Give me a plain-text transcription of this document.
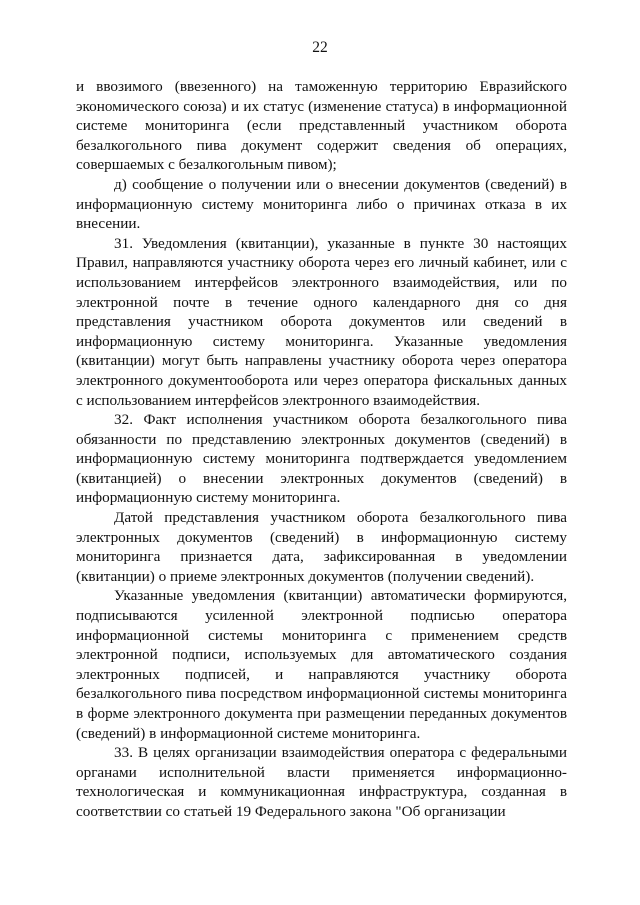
22

и ввозимого (ввезенного) на таможенную территорию Евразийского экономического союза) и их статус (изменение статуса) в информационной системе мониторинга (если представленный участником оборота безалкогольного пива документ содержит сведения об операциях, совершаемых с безалкогольным пивом);

д) сообщение о получении или о внесении документов (сведений) в информационную систему мониторинга либо о причинах отказа в их внесении.

31. Уведомления (квитанции), указанные в пункте 30 настоящих Правил, направляются участнику оборота через его личный кабинет, или с использованием интерфейсов электронного взаимодействия, или по электронной почте в течение одного календарного дня со дня представления участником оборота документов или сведений в информационную систему мониторинга. Указанные уведомления (квитанции) могут быть направлены участнику оборота через оператора электронного документооборота или через оператора фискальных данных с использованием интерфейсов электронного взаимодействия.

32. Факт исполнения участником оборота безалкогольного пива обязанности по представлению электронных документов (сведений) в информационную систему мониторинга подтверждается уведомлением (квитанцией) о внесении электронных документов (сведений) в информационную систему мониторинга.

Датой представления участником оборота безалкогольного пива электронных документов (сведений) в информационную систему мониторинга признается дата, зафиксированная в уведомлении (квитанции) о приеме электронных документов (получении сведений).

Указанные уведомления (квитанции) автоматически формируются, подписываются усиленной электронной подписью оператора информационной системы мониторинга с применением средств электронной подписи, используемых для автоматического создания электронных подписей, и направляются участнику оборота безалкогольного пива посредством информационной системы мониторинга в форме электронного документа при размещении переданных документов (сведений) в информационной системе мониторинга.

33. В целях организации взаимодействия оператора с федеральными органами исполнительной власти применяется информационно-технологическая и коммуникационная инфраструктура, созданная в соответствии со статьей 19 Федерального закона "Об организации
